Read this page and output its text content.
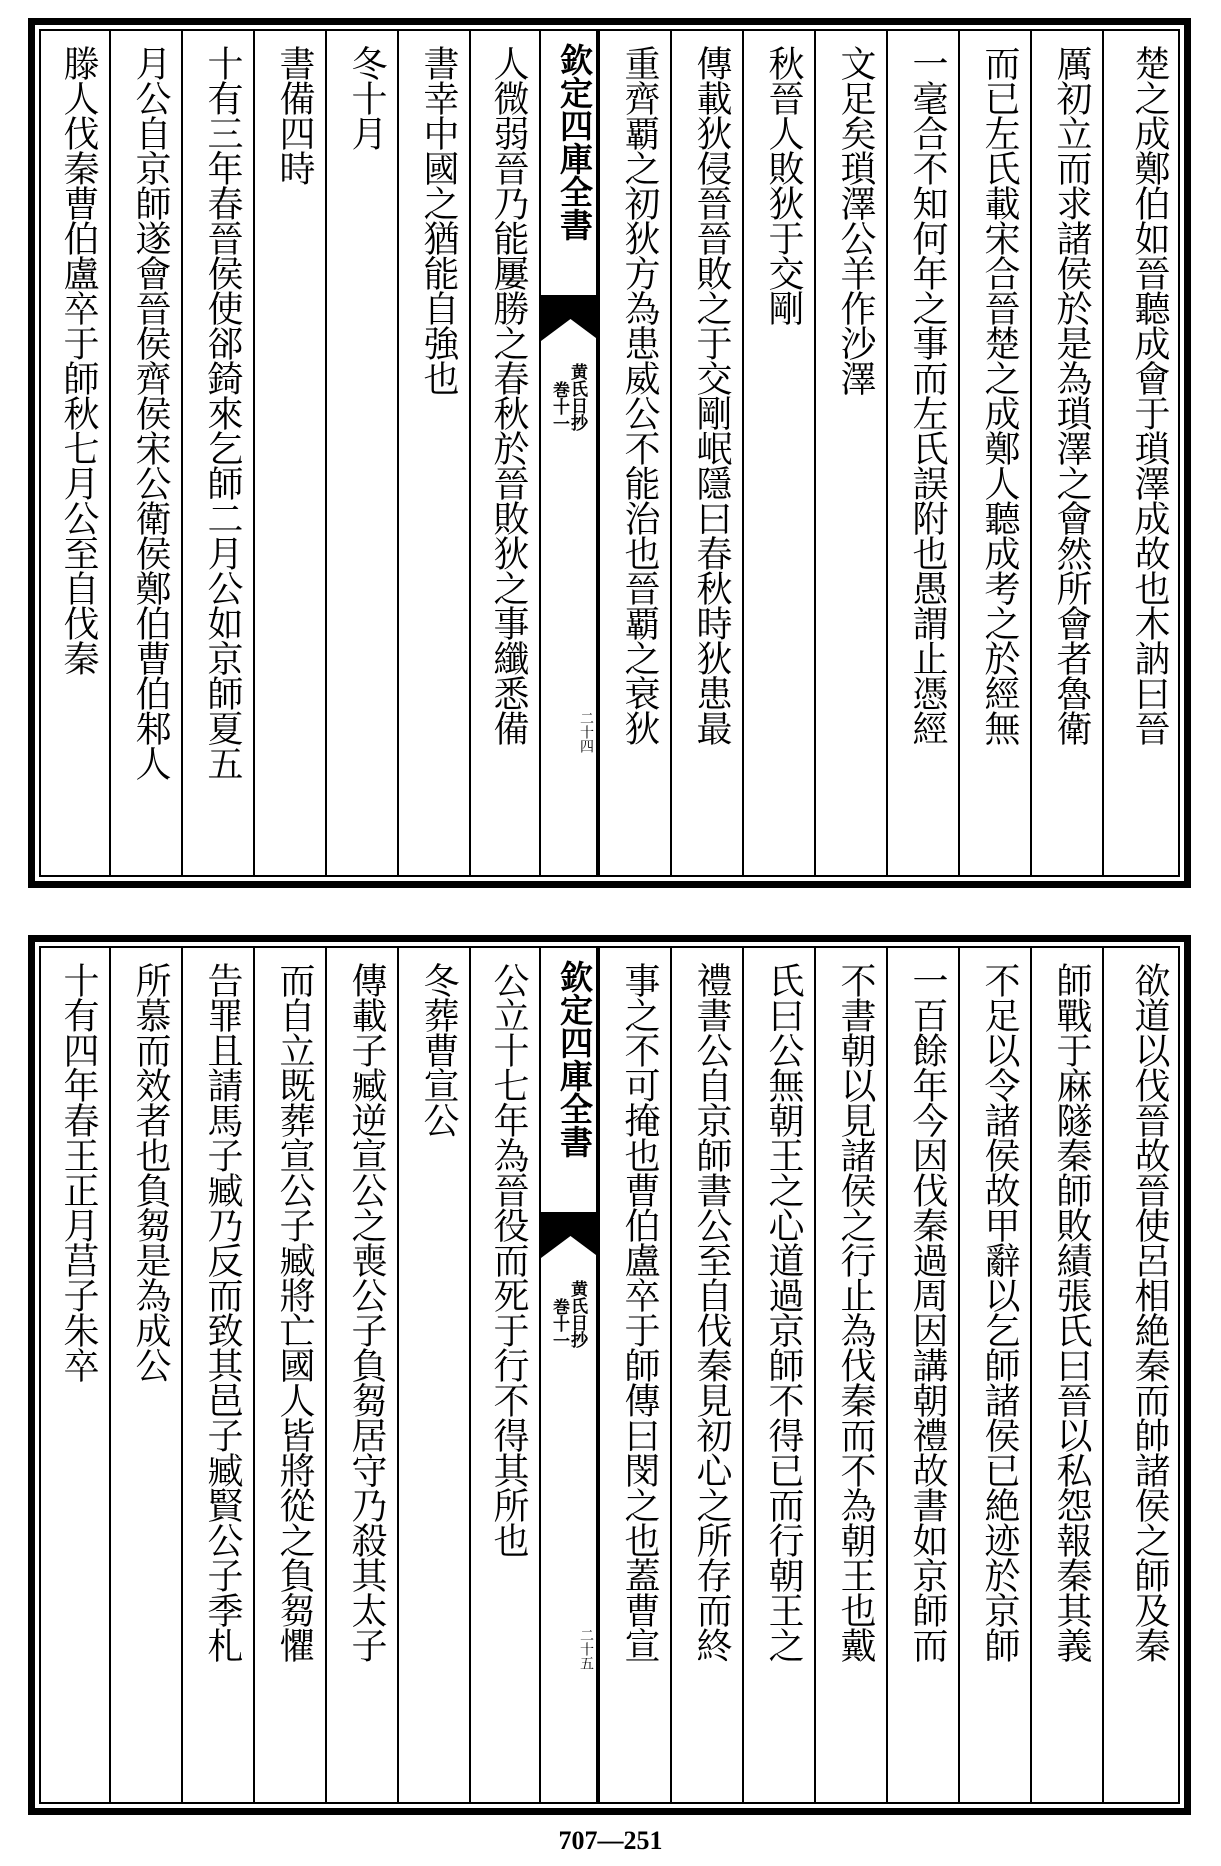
楚之成鄭伯如晉聽成會于瑣澤成故也木訥曰晉
厲初立而求諸侯於是為瑣澤之會然所會者魯衛
而已左氏載宋合晉楚之成鄭人聽成考之於經無
一毫合不知何年之事而左氏誤附也愚謂止憑經
文足矣瑣澤公羊作沙澤
秋晉人敗狄于交剛
傳載狄侵晉晉敗之于交剛岷隱曰春秋時狄患最
重齊覇之初狄方為患威公不能治也晉覇之衰狄
欽定四庫全書
黄氏日抄
巻十一
二十四
人微弱晉乃能屢勝之春秋於晉敗狄之事纖悉備
書幸中國之猶能自強也
冬十月
書備四時
十有三年春晉侯使郤錡來乞師二月公如京師夏五
月公自京師遂會晉侯齊侯宋公衛侯鄭伯曹伯邾人
滕人伐秦曹伯盧卒于師秋七月公至自伐秦
欲道以伐晉故晉使呂相絶秦而帥諸侯之師及秦
師戰于麻隧秦師敗績張氏曰晉以私怨報秦其義
不足以令諸侯故甲辭以乞師諸侯已絶迹於京師
一百餘年今因伐秦過周因講朝禮故書如京師而
不書朝以見諸侯之行止為伐秦而不為朝王也戴
氏曰公無朝王之心道過京師不得已而行朝王之
禮書公自京師書公至自伐秦見初心之所存而終
事之不可掩也曹伯盧卒于師傳曰閔之也蓋曹宣
欽定四庫全書
黄氏日抄
巻十一
二十五
公立十七年為晉役而死于行不得其所也
冬葬曹宣公
傳載子臧逆宣公之喪公子負芻居守乃殺其太子
而自立既葬宣公子臧將亡國人皆將從之負芻懼
告罪且請馬子臧乃反而致其邑子臧賢公子季札
所慕而效者也負芻是為成公
十有四年春王正月莒子朱卒
707—251
